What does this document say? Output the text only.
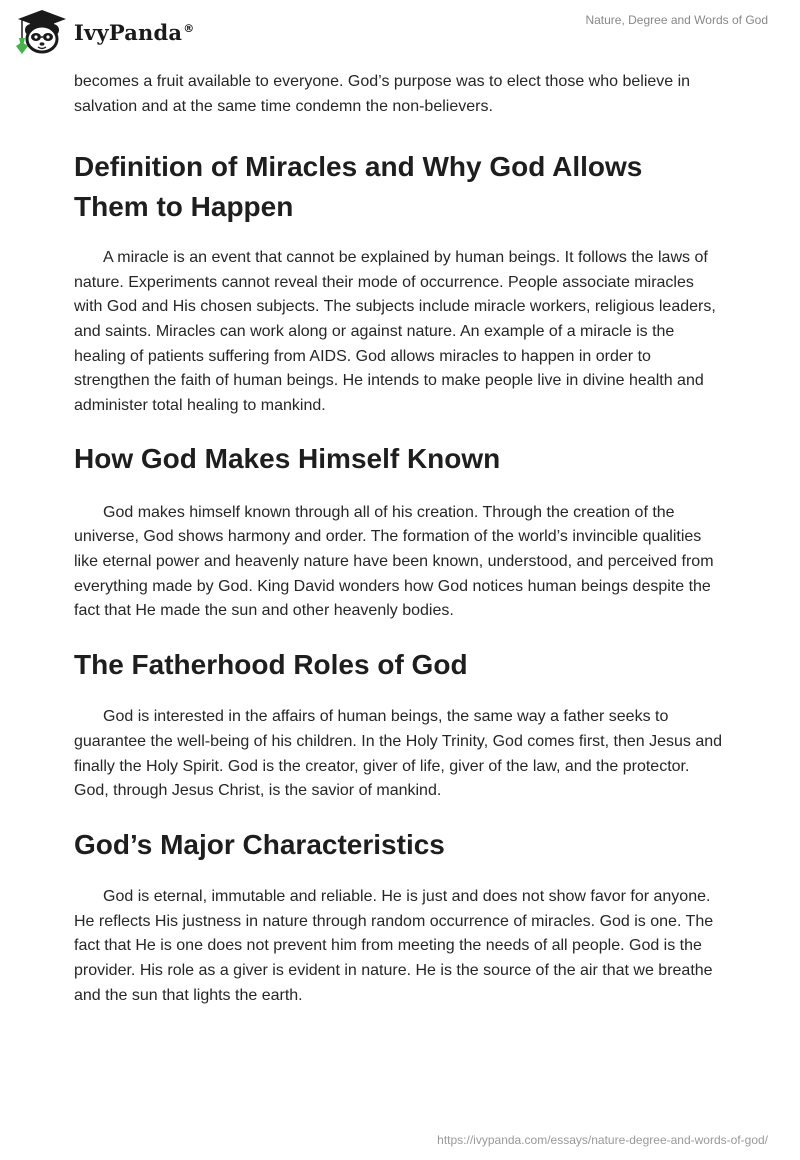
IvyPanda®
Nature, Degree and Words of God

becomes a fruit available to everyone. God’s purpose was to elect those who believe in salvation and at the same time condemn the non-believers.

Definition of Miracles and Why God Allows Them to Happen

A miracle is an event that cannot be explained by human beings. It follows the laws of nature. Experiments cannot reveal their mode of occurrence. People associate miracles with God and His chosen subjects. The subjects include miracle workers, religious leaders, and saints. Miracles can work along or against nature. An example of a miracle is the healing of patients suffering from AIDS. God allows miracles to happen in order to strengthen the faith of human beings. He intends to make people live in divine health and administer total healing to mankind.

How God Makes Himself Known

God makes himself known through all of his creation. Through the creation of the universe, God shows harmony and order. The formation of the world’s invincible qualities like eternal power and heavenly nature have been known, understood, and perceived from everything made by God. King David wonders how God notices human beings despite the fact that He made the sun and other heavenly bodies.

The Fatherhood Roles of God

God is interested in the affairs of human beings, the same way a father seeks to guarantee the well-being of his children. In the Holy Trinity, God comes first, then Jesus and finally the Holy Spirit. God is the creator, giver of life, giver of the law, and the protector. God, through Jesus Christ, is the savior of mankind.

God’s Major Characteristics

God is eternal, immutable and reliable. He is just and does not show favor for anyone. He reflects His justness in nature through random occurrence of miracles. God is one. The fact that He is one does not prevent him from meeting the needs of all people. God is the provider. His role as a giver is evident in nature. He is the source of the air that we breathe and the sun that lights the earth.

https://ivypanda.com/essays/nature-degree-and-words-of-god/
